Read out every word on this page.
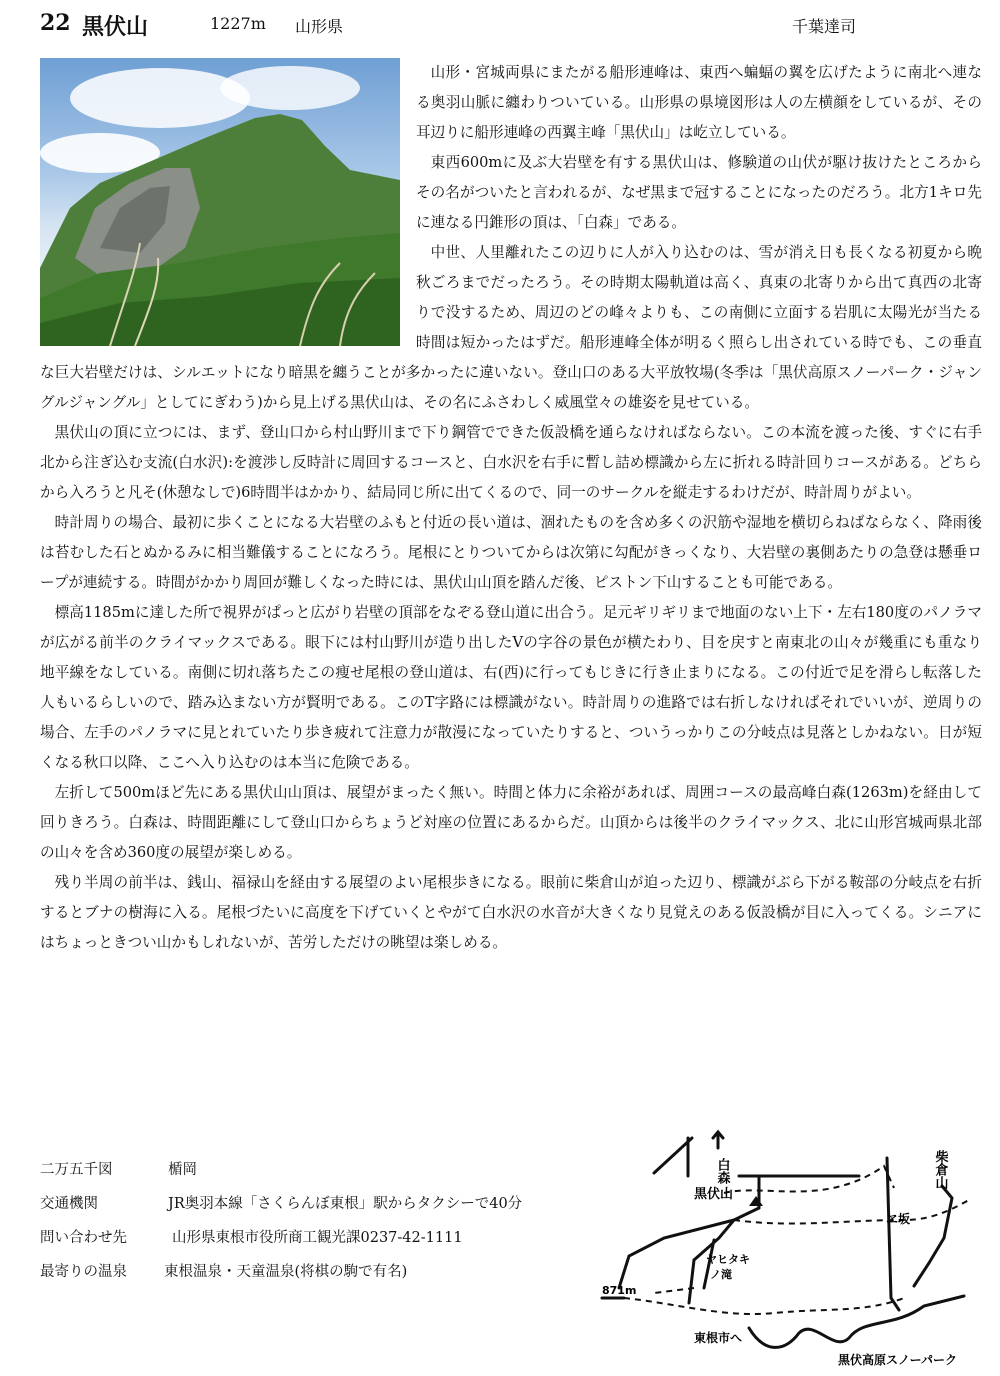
22 黒伏山	1227m 山形県	千葉達司

山形・宮城両県にまたがる船形連峰は、東西へ蝙蝠の翼を広げたように南北へ連なる奥羽山脈に纏わりついている。山形県の県境図形は人の左横顔をしているが、その耳辺りに船形連峰の西翼主峰「黒伏山」は屹立している。

東西600mに及ぶ大岩壁を有する黒伏山は、修験道の山伏が駆け抜けたところからその名がついたと言われるが、なぜ黒まで冠することになったのだろう。北方1キロ先に連なる円錐形の頂は、「白森」である。

中世、人里離れたこの辺りに人が入り込むのは、雪が消え日も長くなる初夏から晩秋ごろまでだったろう。その時期太陽軌道は高く、真東の北寄りから出て真西の北寄りで没するため、周辺のどの峰々よりも、この南側に立面する岩肌に太陽光が当たる時間は短かったはずだ。船形連峰全体が明るく照らし出されている時でも、この垂直な巨大岩壁だけは、シルエットになり暗黒を纏うことが多かったに違いない。登山口のある大平放牧場(冬季は「黒伏高原スノーパーク・ジャングルジャングル」としてにぎわう)から見上げる黒伏山は、その名にふさわしく威風堂々の雄姿を見せている。

黒伏山の頂に立つには、まず、登山口から村山野川まで下り鋼管でできた仮設橋を通らなければならない。この本流を渡った後、すぐに右手北から注ぎ込む支流(白水沢):を渡渉し反時計に周回するコースと、白水沢を右手に暫し詰め標識から左に折れる時計回りコースがある。どちらから入ろうと凡そ(休憩なしで)6時間半はかかり、結局同じ所に出てくるので、同一のサークルを縦走するわけだが、時計周りがよい。

時計周りの場合、最初に歩くことになる大岩壁のふもと付近の長い道は、涸れたものを含め多くの沢筋や湿地を横切らねばならなく、降雨後は苔むした石とぬかるみに相当難儀することになろう。尾根にとりついてからは次第に勾配がきっくなり、大岩壁の裏側あたりの急登は懸垂ロープが連続する。時間がかかり周回が難しくなった時には、黒伏山山頂を踏んだ後、ピストン下山することも可能である。

標高1185mに達した所で視界がぱっと広がり岩壁の頂部をなぞる登山道に出合う。足元ギリギリまで地面のない上下・左右180度のパノラマが広がる前半のクライマックスである。眼下には村山野川が造り出したVの字谷の景色が横たわり、目を戻すと南東北の山々が幾重にも重なり地平線をなしている。南側に切れ落ちたこの痩せ尾根の登山道は、右(西)に行ってもじきに行き止まりになる。この付近で足を滑らし転落した人もいるらしいので、踏み込まない方が賢明である。このT字路には標識がない。時計周りの進路では右折しなければそれでいいが、逆周りの場合、左手のパノラマに見とれていたり歩き疲れて注意力が散漫になっていたりすると、ついうっかりこの分岐点は見落としかねない。日が短くなる秋口以降、ここへ入り込むのは本当に危険である。

左折して500mほど先にある黒伏山山頂は、展望がまったく無い。時間と体力に余裕があれば、周囲コースの最高峰白森(1263m)を経由して回りきろう。白森は、時間距離にして登山口からちょうど対座の位置にあるからだ。山頂からは後半のクライマックス、北に山形宮城両県北部の山々を含め360度の展望が楽しめる。

残り半周の前半は、銭山、福禄山を経由する展望のよい尾根歩きになる。眼前に柴倉山が迫った辺り、標識がぶら下がる鞍部の分岐点を右折するとブナの樹海に入る。尾根づたいに高度を下げていくとやがて白水沢の水音が大きくなり見覚えのある仮設橋が目に入ってくる。シニアにはちょっときつい山かもしれないが、苦労しただけの眺望は楽しめる。

二万五千図	楯岡
交通機関	JR奥羽本線「さくらんぼ東根」駅からタクシーで40分
問い合わせ先	山形県東根市役所商工観光課0237-42-1111
最寄りの温泉	東根温泉・天童温泉(将棋の駒で有名)
白森
黒伏山
柴倉山
ヱ坂
ヤヒタキ
ノ滝
871m
東根市へ
黒伏高原スノーパーク
